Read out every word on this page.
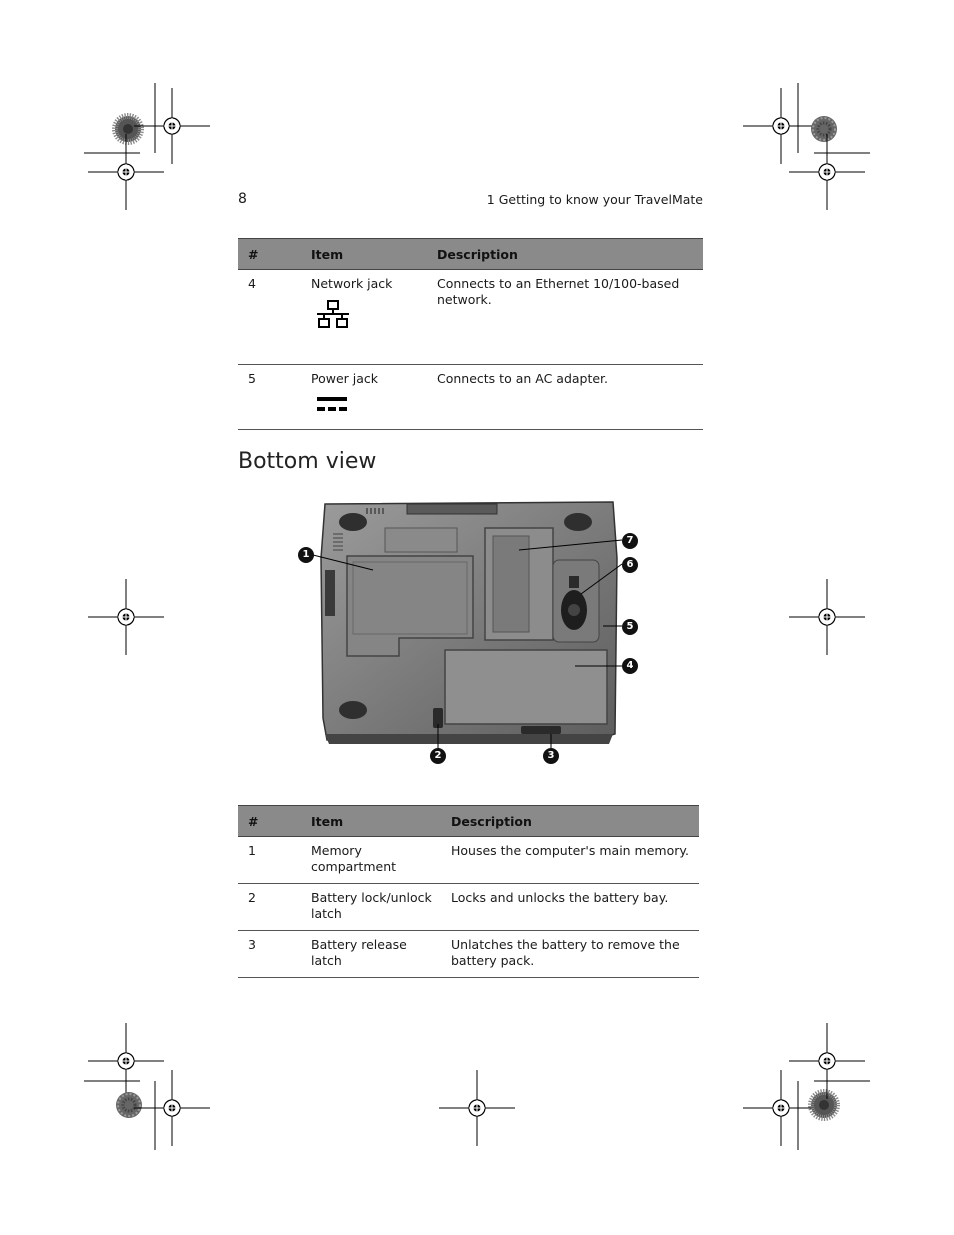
8	1 Getting to know your TravelMate
#	Item	Description
4	Network jack	Connects to an Ethernet 10/100-based network.
5	Power jack	Connects to an AC adapter.
Bottom view
1
2	3
4
5
6
7
#	Item	Description
1	Memory compartment	Houses the computer's main memory.
2	Battery lock/unlock latch	Locks and unlocks the battery bay.
3	Battery release latch	Unlatches the battery to remove the battery pack.
